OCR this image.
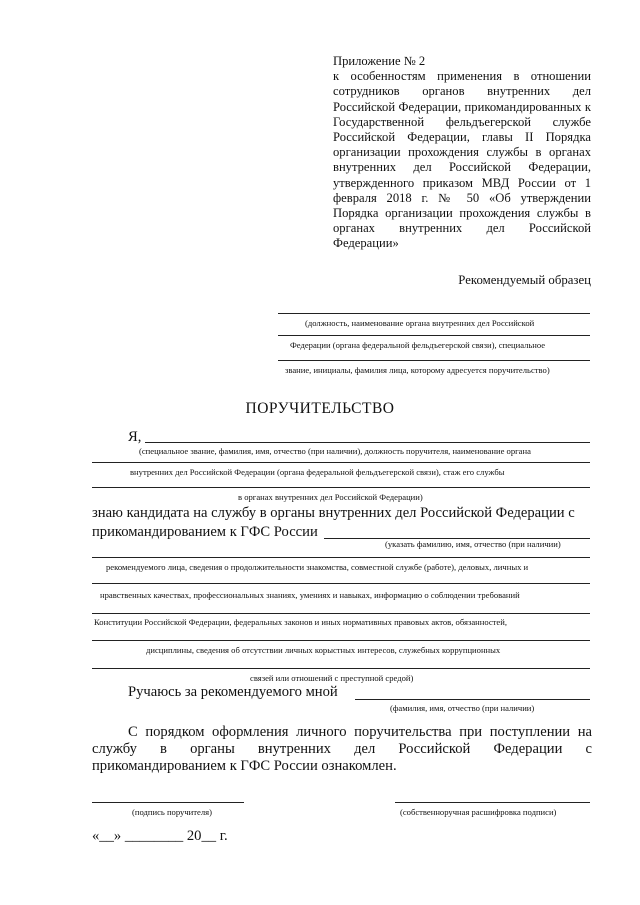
Приложение № 2
к особенностям применения в отношении сотрудников органов внутренних дел Российской Федерации, прикомандированных к Государственной фельдъегерской службе Российской Федерации, главы II Порядка организации прохождения службы в органах внутренних дел Российской Федерации, утвержденного приказом МВД России от 1 февраля 2018 г. № 50 «Об утверждении Порядка организации прохождения службы в органах внутренних дел Российской Федерации»
Рекомендуемый образец
(должность, наименование органа внутренних дел Российской
Федерации (органа федеральной фельдъегерской связи), специальное
звание, инициалы, фамилия лица, которому адресуется поручительство)
ПОРУЧИТЕЛЬСТВО
Я,
(специальное звание, фамилия, имя, отчество (при наличии), должность поручителя, наименование органа
внутренних дел Российской Федерации (органа федеральной фельдъегерской связи), стаж его службы
в органах внутренних дел Российской Федерации)
знаю кандидата на службу в органы внутренних дел Российской Федерации с
прикомандированием к ГФС России
(указать фамилию, имя, отчество (при наличии)
рекомендуемого лица, сведения о продолжительности знакомства, совместной службе (работе), деловых, личных и
нравственных качествах, профессиональных знаниях, умениях и навыках, информацию о соблюдении требований
Конституции Российской Федерации, федеральных законов и иных нормативных правовых актов, обязанностей,
дисциплины, сведения об отсутствии личных корыстных интересов, служебных коррупционных
связей или отношений с преступной средой)
Ручаюсь за рекомендуемого мной
(фамилия, имя, отчество (при наличии)
С порядком оформления личного поручительства при поступлении на службу в органы внутренних дел Российской Федерации с прикомандированием к ГФС России ознакомлен.
(подпись поручителя)	(собственноручная расшифровка подписи)
«__» ________ 20__ г.
